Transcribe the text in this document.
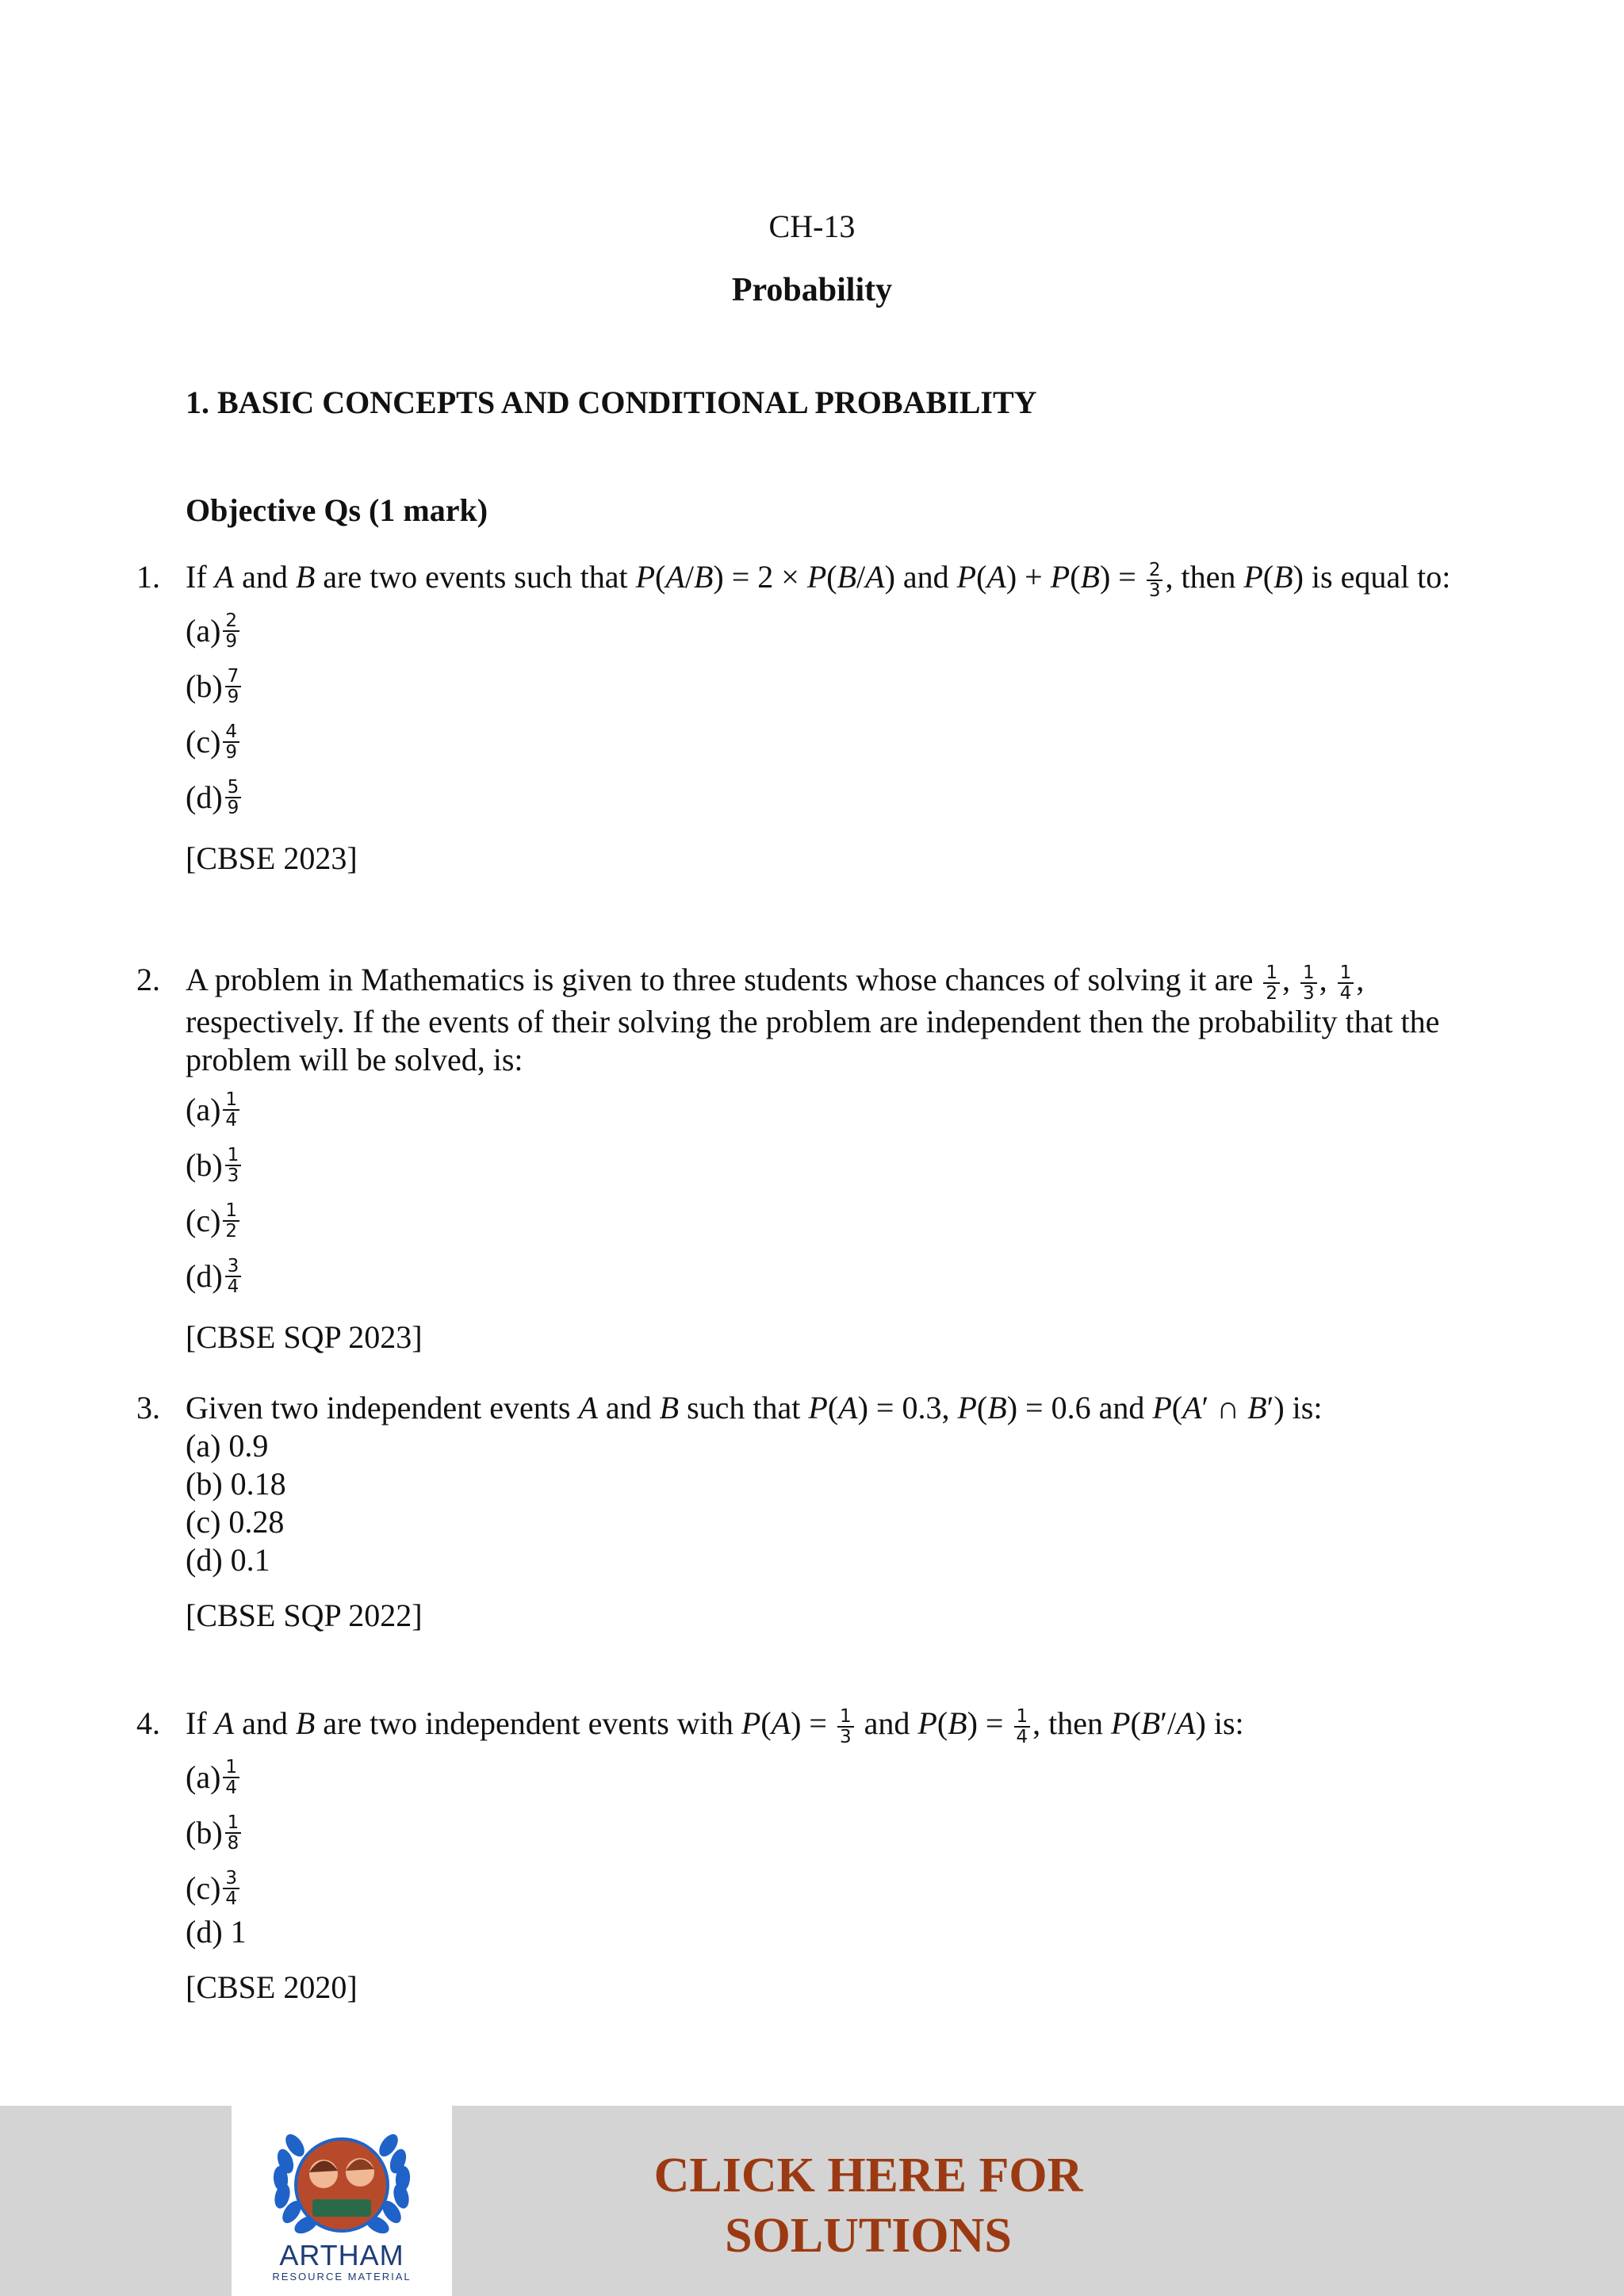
CH-13
Probability
1. BASIC CONCEPTS AND CONDITIONAL PROBABILITY
Objective Qs (1 mark)
1. If A and B are two events such that P(A/B) = 2 × P(B/A) and $P(A) + P(B) = \frac{2}{3}$ , then P(B) is equal to:
$(a) \frac{2}{9}$
$(b) \frac{7}{9}$
$(c) \frac{4}{9}$
$(d) \frac{5}{9}$
[CBSE 2023]
2. A problem in Mathematics is given to three students whose chances of solving it are $\frac{1}{2}$ , $\frac{1}{3}$ , $\frac{1}{4}$ , respectively. If the events of their solving the problem are independent then the probability that the problem will be solved, is:
$(a) \frac{1}{4}$
$(b) \frac{1}{3}$
$(c) \frac{1}{2}$
$(d) \frac{3}{4}$
[CBSE SQP 2023]
3. Given two independent events A and B such that P(A) = 0.3, P(B) = 0.6 and P(A′ ∩ B′) is:
(a) 0.9
(b) 0.18
(c) 0.28
(d) 0.1
[CBSE SQP 2022]
4. If A and B are two independent events with $P(A) = \frac{1}{3}$ and $P(B) = \frac{1}{4}$ , then P(B′/A) is:
$(a) \frac{1}{4}$
$(b) \frac{1}{8}$
$(c) \frac{3}{4}$
(d) 1
[CBSE 2020]
ARTHAM
RESOURCE MATERIAL
CLICK HERE FOR
SOLUTIONS
